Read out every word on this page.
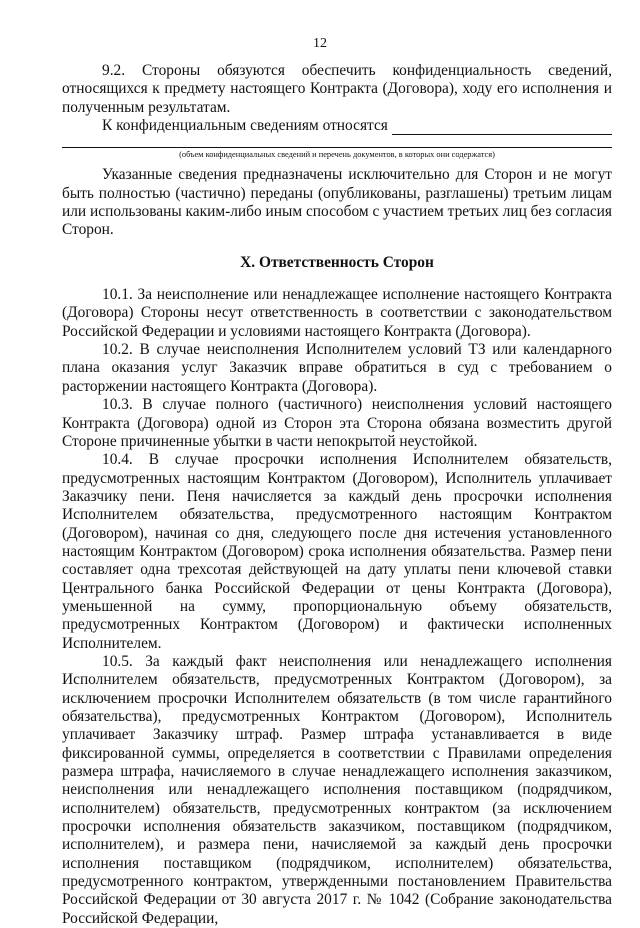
12

9.2. Стороны обязуются обеспечить конфиденциальность сведений, относящихся к предмету настоящего Контракта (Договора), ходу его исполнения и полученным результатам.

К конфиденциальным сведениям относятся
(объем конфиденциальных сведений и перечень документов, в которых они содержатся)

Указанные сведения предназначены исключительно для Сторон и не могут быть полностью (частично) переданы (опубликованы, разглашены) третьим лицам или использованы каким-либо иным способом с участием третьих лиц без согласия Сторон.

X. Ответственность Сторон

10.1. За неисполнение или ненадлежащее исполнение настоящего Контракта (Договора) Стороны несут ответственность в соответствии с законодательством Российской Федерации и условиями настоящего Контракта (Договора).

10.2. В случае неисполнения Исполнителем условий ТЗ или календарного плана оказания услуг Заказчик вправе обратиться в суд с требованием о расторжении настоящего Контракта (Договора).

10.3. В случае полного (частичного) неисполнения условий настоящего Контракта (Договора) одной из Сторон эта Сторона обязана возместить другой Стороне причиненные убытки в части непокрытой неустойкой.

10.4. В случае просрочки исполнения Исполнителем обязательств, предусмотренных настоящим Контрактом (Договором), Исполнитель уплачивает Заказчику пени. Пеня начисляется за каждый день просрочки исполнения Исполнителем обязательства, предусмотренного настоящим Контрактом (Договором), начиная со дня, следующего после дня истечения установленного настоящим Контрактом (Договором) срока исполнения обязательства. Размер пени составляет одна трехсотая действующей на дату уплаты пени ключевой ставки Центрального банка Российской Федерации от цены Контракта (Договора), уменьшенной на сумму, пропорциональную объему обязательств, предусмотренных Контрактом (Договором) и фактически исполненных Исполнителем.

10.5. За каждый факт неисполнения или ненадлежащего исполнения Исполнителем обязательств, предусмотренных Контрактом (Договором), за исключением просрочки Исполнителем обязательств (в том числе гарантийного обязательства), предусмотренных Контрактом (Договором), Исполнитель уплачивает Заказчику штраф. Размер штрафа устанавливается в виде фиксированной суммы, определяется в соответствии с Правилами определения размера штрафа, начисляемого в случае ненадлежащего исполнения заказчиком, неисполнения или ненадлежащего исполнения поставщиком (подрядчиком, исполнителем) обязательств, предусмотренных контрактом (за исключением просрочки исполнения обязательств заказчиком, поставщиком (подрядчиком, исполнителем), и размера пени, начисляемой за каждый день просрочки исполнения поставщиком (подрядчиком, исполнителем) обязательства, предусмотренного контрактом, утвержденными постановлением Правительства Российской Федерации от 30 августа 2017 г. № 1042 (Собрание законодательства Российской Федерации,
